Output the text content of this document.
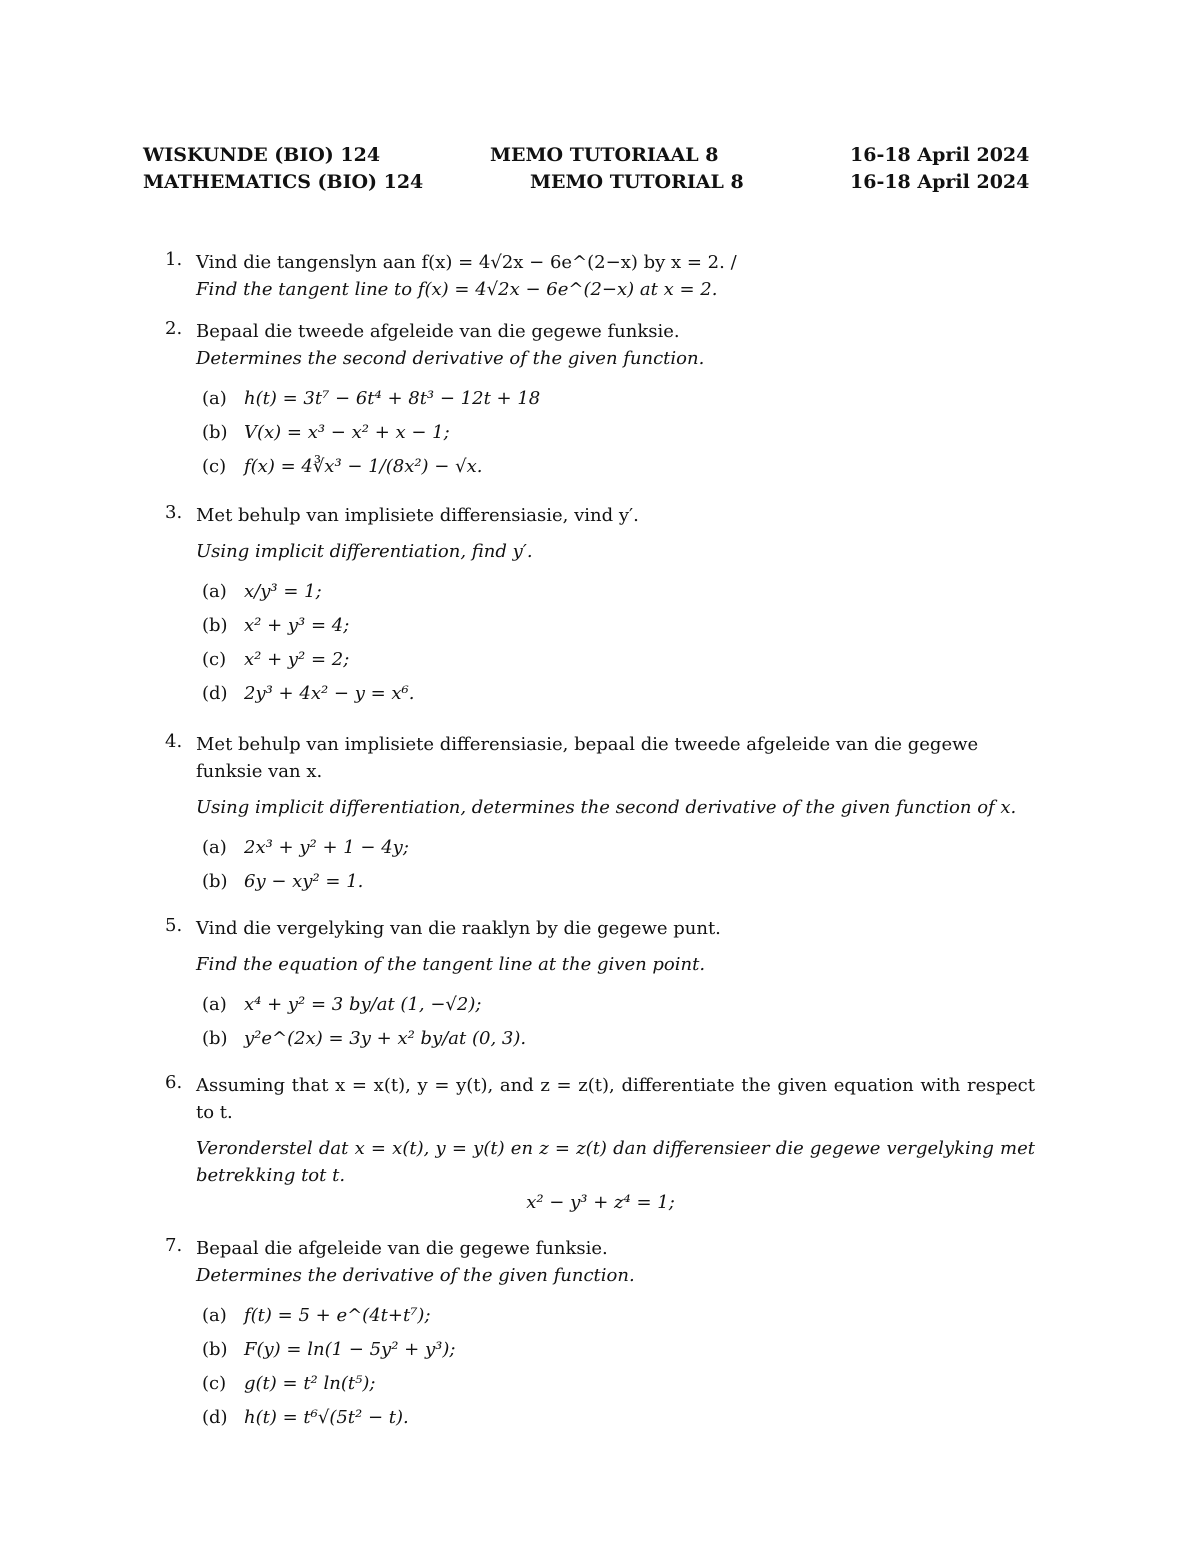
WISKUNDE (BIO) 124	MEMO TUTORIAAL 8	16-18 April 2024
MATHEMATICS (BIO) 124	MEMO TUTORIAL 8	16-18 April 2024
1. Vind die tangenslyn aan f(x) = 4√2x − 6e^(2−x) by x = 2. /
Find the tangent line to f(x) = 4√2x − 6e^(2−x) at x = 2.
2. Bepaal die tweede afgeleide van die gegewe funksie.
Determines the second derivative of the given function.
(a) h(t) = 3t⁷ − 6t⁴ + 8t³ − 12t + 18
(b) V(x) = x³ − x² + x − 1;
(c) f(x) = 4∛x³ − 1/(8x²) − √x.
3. Met behulp van implisiete differensiasie, vind y′.
Using implicit differentiation, find y′.
(a) x/y³ = 1;
(b) x² + y³ = 4;
(c) x² + y² = 2;
(d) 2y³ + 4x² − y = x⁶.
4. Met behulp van implisiete differensiasie, bepaal die tweede afgeleide van die gegewe funksie van x.
Using implicit differentiation, determines the second derivative of the given function of x.
(a) 2x³ + y² + 1 − 4y;
(b) 6y − xy² = 1.
5. Vind die vergelyking van die raaklyn by die gegewe punt.
Find the equation of the tangent line at the given point.
(a) x⁴ + y² = 3 by/at (1, −√2);
(b) y²e^(2x) = 3y + x² by/at (0, 3).
6. Assuming that x = x(t), y = y(t), and z = z(t), differentiate the given equation with respect to t.
Veronderstel dat x = x(t), y = y(t) en z = z(t) dan differensieer die gegewe vergelyking met betrekking tot t.
x² − y³ + z⁴ = 1;
7. Bepaal die afgeleide van die gegewe funksie.
Determines the derivative of the given function.
(a) f(t) = 5 + e^(4t+t⁷);
(b) F(y) = ln(1 − 5y² + y³);
(c) g(t) = t² ln(t⁵);
(d) h(t) = t⁶√(5t² − t).
